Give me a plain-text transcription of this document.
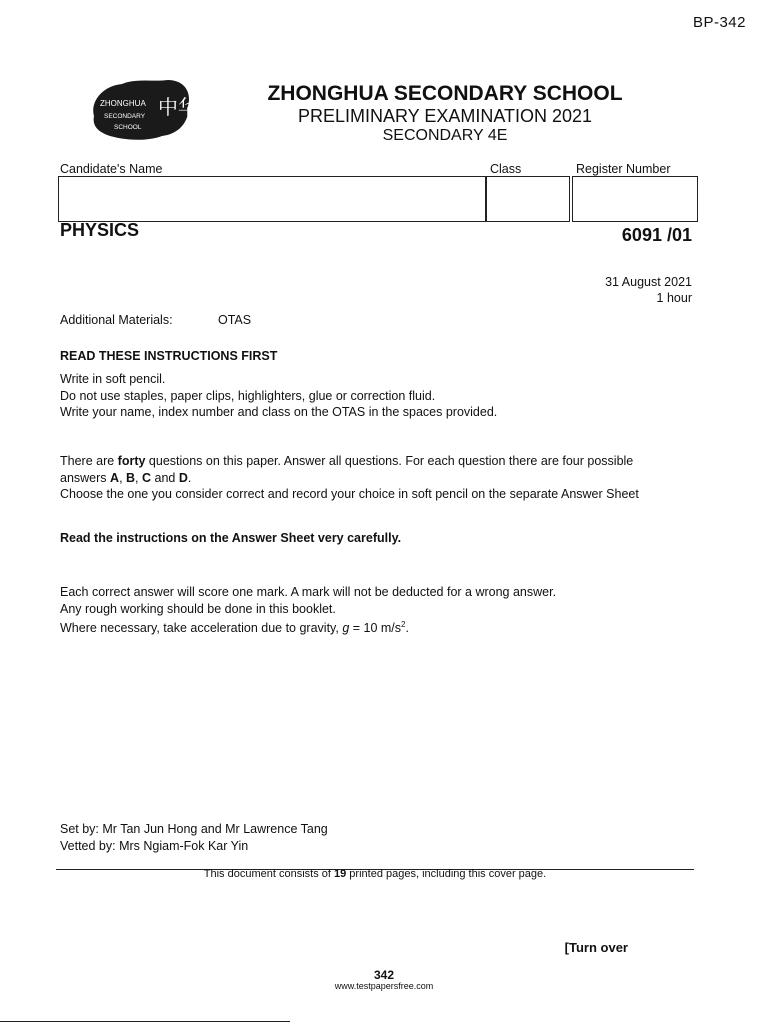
BP-342
ZHONGHUA
SECONDARY
SCHOOL
中华
ZHONGHUA SECONDARY SCHOOL
PRELIMINARY EXAMINATION 2021
SECONDARY 4E
Candidate's Name	Class	Register Number
PHYSICS	6091 /01
31 August 2021
1 hour
Additional Materials:	OTAS
READ THESE INSTRUCTIONS FIRST
Write in soft pencil.
Do not use staples, paper clips, highlighters, glue or correction fluid.
Write your name, index number and class on the OTAS in the spaces provided.
There are forty questions on this paper. Answer all questions. For each question there are four possible
answers A, B, C and D.
Choose the one you consider correct and record your choice in soft pencil on the separate Answer Sheet
Read the instructions on the Answer Sheet very carefully.
Each correct answer will score one mark. A mark will not be deducted for a wrong answer.
Any rough working should be done in this booklet.
Where necessary, take acceleration due to gravity, g = 10 $m/s^2$.
Set by: Mr Tan Jun Hong and Mr Lawrence Tang
Vetted by: Mrs Ngiam-Fok Kar Yin
This document consists of 19 printed pages, including this cover page.
[Turn over
342
www.testpapersfree.com
